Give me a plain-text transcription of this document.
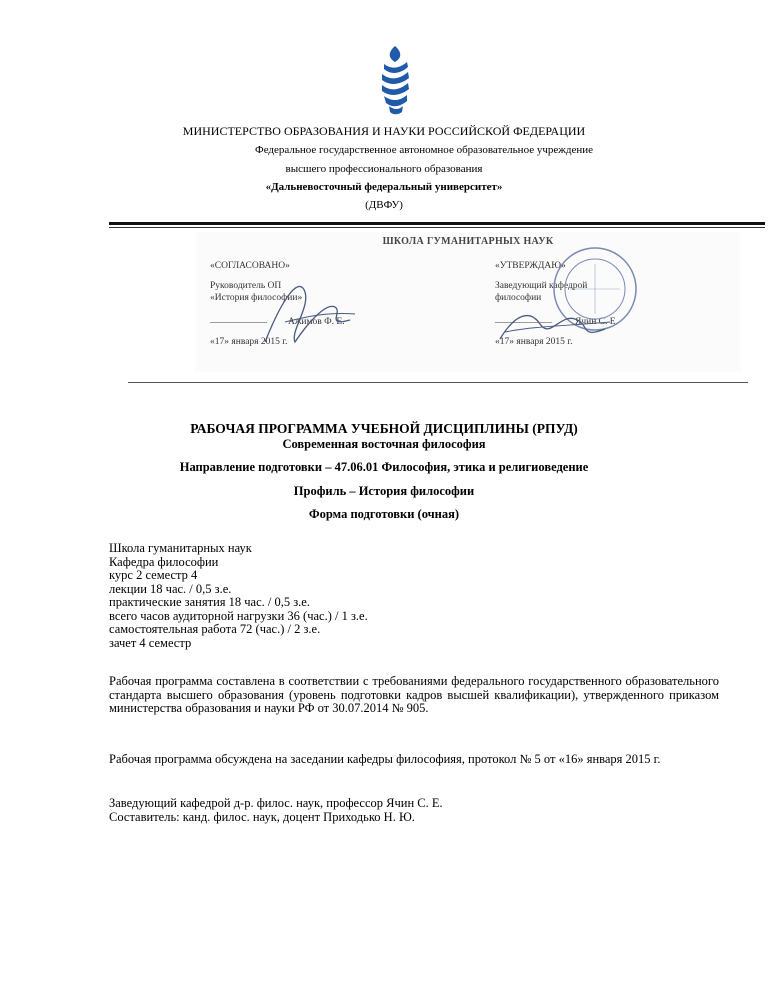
МИНИСТЕРСТВО ОБРАЗОВАНИЯ И НАУКИ РОССИЙСКОЙ ФЕДЕРАЦИИ
Федеральное государственное автономное образовательное учреждение
высшего профессионального образования
«Дальневосточный федеральный университет»
(ДВФУ)
ШКОЛА ГУМАНИТАРНЫХ НАУК
«СОГЛАСОВАНО»
Руководитель ОП
«История философии»
____________ Ажимов Ф. Е.
«17» января 2015 г.
«УТВЕРЖДАЮ»
Заведующий кафедрой
философии
____________ Ячин С. Е.
«17» января 2015 г.
РАБОЧАЯ ПРОГРАММА УЧЕБНОЙ ДИСЦИПЛИНЫ (РПУД)
Современная восточная философия
Направление подготовки – 47.06.01 Философия, этика и религиоведение
Профиль – История философии
Форма подготовки (очная)
Школа гуманитарных наук
Кафедра философии
курс 2 семестр 4
лекции 18 час. / 0,5 з.е.
практические занятия 18 час. / 0,5 з.е.
всего часов аудиторной нагрузки 36 (час.) / 1 з.е.
самостоятельная работа 72 (час.) / 2 з.е.
зачет 4 семестр
Рабочая программа составлена в соответствии с требованиями федерального государственного образовательного стандарта высшего образования (уровень подготовки кадров высшей квалификации), утвержденного приказом министерства образования и науки РФ от 30.07.2014 № 905.
Рабочая программа обсуждена на заседании кафедры философияя, протокол № 5 от «16» января 2015 г.
Заведующий кафедрой д-р. филос. наук, профессор Ячин С. Е.
Составитель: канд. филос. наук, доцент Приходько Н. Ю.
